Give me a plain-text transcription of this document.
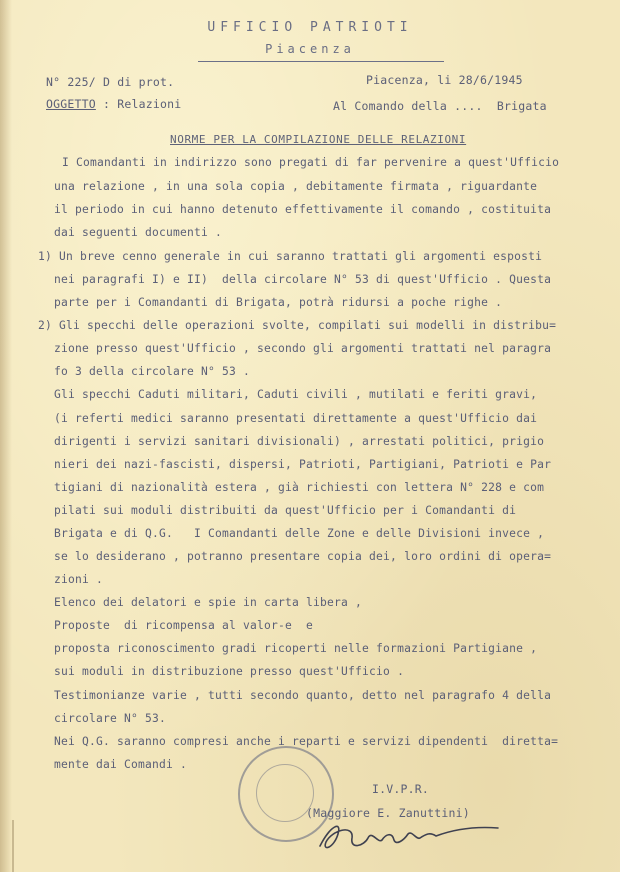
UFFICIO PATRIOTI
Piacenza
N° 225/ D di prot.	Piacenza, li 28/6/1945
OGGETTO : Relazioni	Al Comando della ....  Brigata
NORME PER LA COMPILAZIONE DELLE RELAZIONI
I Comandanti in indirizzo sono pregati di far pervenire a quest'Ufficio
una relazione , in una sola copia , debitamente firmata , riguardante
il periodo in cui hanno detenuto effettivamente il comando , costituita
dai seguenti documenti .
1) Un breve cenno generale in cui saranno trattati gli argomenti esposti
nei paragrafi I) e II)  della circolare N° 53 di quest'Ufficio . Questa
parte per i Comandanti di Brigata, potrà ridursi a poche righe .
2) Gli specchi delle operazioni svolte, compilati sui modelli in distribu=
zione presso quest'Ufficio , secondo gli argomenti trattati nel paragra
fo 3 della circolare N° 53 .
Gli specchi Caduti militari, Caduti civili , mutilati e feriti gravi,
(i referti medici saranno presentati direttamente a quest'Ufficio dai
dirigenti i servizi sanitari divisionali) , arrestati politici, prigio
nieri dei nazi-fascisti, dispersi, Patrioti, Partigiani, Patrioti e Par
tigiani di nazionalità estera , già richiesti con lettera N° 228 e com
pilati sui moduli distribuiti da quest'Ufficio per i Comandanti di
Brigata e di Q.G.   I Comandanti delle Zone e delle Divisioni invece ,
se lo desiderano , potranno presentare copia dei, loro ordini di opera=
zioni .
Elenco dei delatori e spie in carta libera ,
Proposte  di ricompensa al valor-e  e
proposta riconoscimento gradi ricoperti nelle formazioni Partigiane ,
sui moduli in distribuzione presso quest'Ufficio .
Testimonianze varie , tutti secondo quanto, detto nel paragrafo 4 della
circolare N° 53.
Nei Q.G. saranno compresi anche i reparti e servizi dipendenti  diretta=
mente dai Comandi .
I.V.P.R.
(Maggiore E. Zanuttini)
